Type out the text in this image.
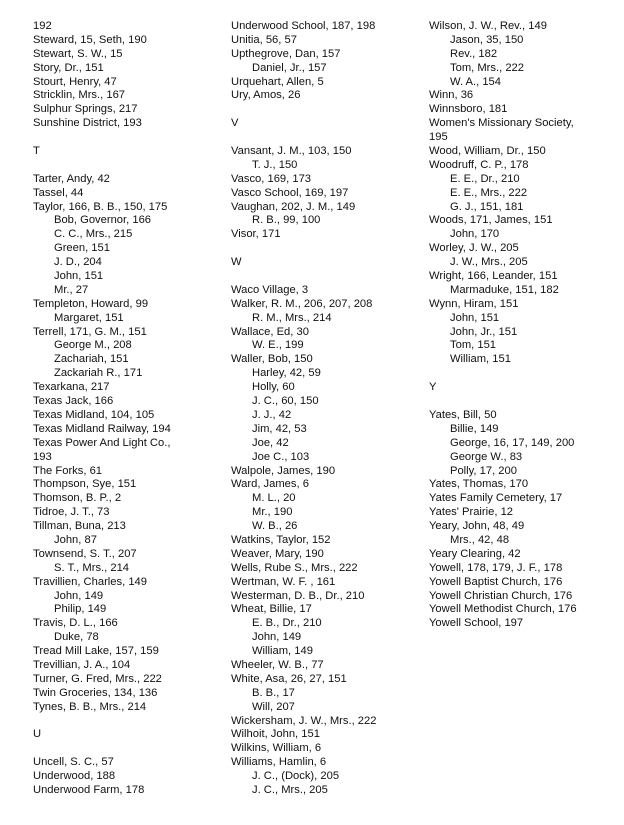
192
Steward, 15, Seth, 190
Stewart, S. W., 15
Story, Dr., 151
Stourt, Henry, 47
Stricklin, Mrs., 167
Sulphur Springs, 217
Sunshine District, 193
T
Tarter, Andy, 42
Tassel, 44
Taylor, 166, B. B., 150, 175
Bob, Governor, 166
C. C., Mrs., 215
Green, 151
J. D., 204
John, 151
Mr., 27
Templeton, Howard, 99
Margaret, 151
Terrell, 171, G. M., 151
George M., 208
Zachariah, 151
Zackariah R., 171
Texarkana, 217
Texas Jack, 166
Texas Midland, 104, 105
Texas Midland Railway, 194
Texas Power And Light Co.,
193
The Forks, 61
Thompson, Sye, 151
Thomson, B. P., 2
Tidroe, J. T., 73
Tillman, Buna, 213
John, 87
Townsend, S. T., 207
S. T., Mrs., 214
Travillien, Charles, 149
John, 149
Philip, 149
Travis, D. L., 166
Duke, 78
Tread Mill Lake, 157, 159
Trevillian, J. A., 104
Turner, G. Fred, Mrs., 222
Twin Groceries, 134, 136
Tynes, B. B., Mrs., 214
U
Uncell, S. C., 57
Underwood, 188
Underwood Farm, 178
Underwood School, 187, 198
Unitia, 56, 57
Upthegrove, Dan, 157
Daniel, Jr., 157
Urquehart, Allen, 5
Ury, Amos, 26
V
Vansant, J. M., 103, 150
T. J., 150
Vasco, 169, 173
Vasco School, 169, 197
Vaughan, 202, J. M., 149
R. B., 99, 100
Visor, 171
W
Waco Village, 3
Walker, R. M., 206, 207, 208
R. M., Mrs., 214
Wallace, Ed, 30
W. E., 199
Waller, Bob, 150
Harley, 42, 59
Holly, 60
J. C., 60, 150
J. J., 42
Jim, 42, 53
Joe, 42
Joe C., 103
Walpole, James, 190
Ward, James, 6
M. L., 20
Mr., 190
W. B., 26
Watkins, Taylor, 152
Weaver, Mary, 190
Wells, Rube S., Mrs., 222
Wertman, W. F. , 161
Westerman, D. B., Dr., 210
Wheat, Billie, 17
E. B., Dr., 210
John, 149
William, 149
Wheeler, W. B., 77
White, Asa, 26, 27, 151
B. B., 17
Will, 207
Wickersham, J. W., Mrs., 222
Wilhoit, John, 151
Wilkins, William, 6
Williams, Hamlin, 6
J. C., (Dock), 205
J. C., Mrs., 205
Wilson, J. W., Rev., 149
Jason, 35, 150
Rev., 182
Tom, Mrs., 222
W. A., 154
Winn, 36
Winnsboro, 181
Women's Missionary Society,
195
Wood, William, Dr., 150
Woodruff, C. P., 178
E. E., Dr., 210
E. E., Mrs., 222
G. J., 151, 181
Woods, 171, James, 151
John, 170
Worley, J. W., 205
J. W., Mrs., 205
Wright, 166, Leander, 151
Marmaduke, 151, 182
Wynn, Hiram, 151
John, 151
John, Jr., 151
Tom, 151
William, 151
Y
Yates, Bill, 50
Billie, 149
George, 16, 17, 149, 200
George W., 83
Polly, 17, 200
Yates, Thomas, 170
Yates Family Cemetery, 17
Yates' Prairie, 12
Yeary, John, 48, 49
Mrs., 42, 48
Yeary Clearing, 42
Yowell, 178, 179, J. F., 178
Yowell Baptist Church, 176
Yowell Christian Church, 176
Yowell Methodist Church, 176
Yowell School, 197
